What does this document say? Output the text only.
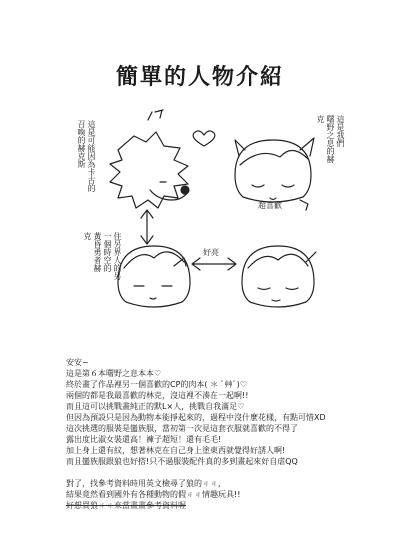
簡單的人物介紹
這是可能因為卡古的
召喚的赫克斯	這是我們
曙野之息的赫
克
住另界人的另
一個時空的
黃昏勇者赫
克
超喜歡
好亮

安安~

這是第６本曙野之息本本♡

終於畫了作品裡另一個喜歡的CP的肉本( ＊ ﾟ艸ﾟ)♡

兩個的都是我最喜歡的林克，沒這裡不湊在一起啊!!

而且這可以挑戰畫純正的默L×人，挑戰自我滿足♡

但因為預設只是因為動物本能掙起來的，過程中沒什麼花樣，有點可惜XD

這次挑選的服裝是蠻族服，當初第一次見這套衣服就喜歡的不得了

露出度比淑女裝還高！褲子超短！還有毛毛!

加上身上還有紋，想著林克在自己身上塗東西就覺得好誘人啊!

而且蠻族服跟狼也好搭!只不過服裝配件真的多到畫起來好自虐QQ

對了，找參考資料時用英文檢尋了狼的ㄐㄐ，

結果竟然看到國外有各種動物的假ㄐㄐ情趣玩具!!

好想買狼ㄐㄐ來當畫畫參考資料喔
